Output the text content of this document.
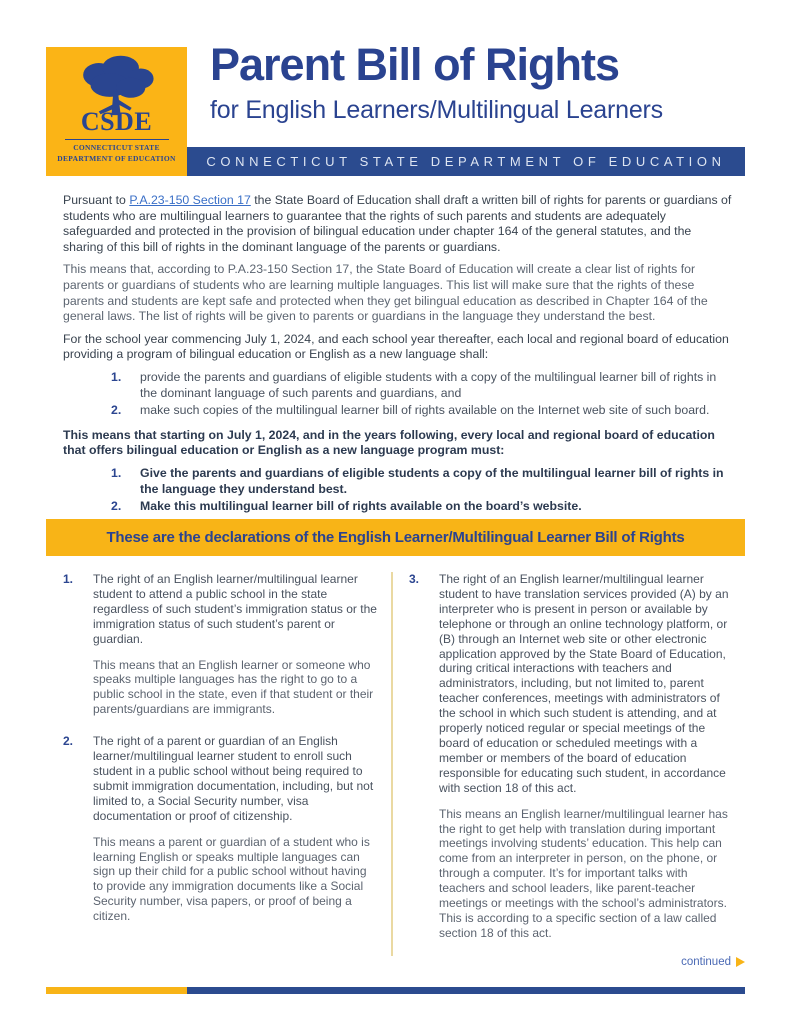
CSDE
CONNECTICUT STATE
DEPARTMENT OF EDUCATION
Parent Bill of Rights
for English Learners/Multilingual Learners
CONNECTICUT STATE DEPARTMENT OF EDUCATION

Pursuant to P.A.23-150 Section 17 the State Board of Education shall draft a written bill of rights for parents or guardians of students who are multilingual learners to guarantee that the rights of such parents and students are adequately safeguarded and protected in the provision of bilingual education under chapter 164 of the general statutes, and the sharing of this bill of rights in the dominant language of the parents or guardians.

This means that, according to P.A.23-150 Section 17, the State Board of Education will create a clear list of rights for parents or guardians of students who are learning multiple languages. This list will make sure that the rights of these parents and students are kept safe and protected when they get bilingual education as described in Chapter 164 of the general laws. The list of rights will be given to parents or guardians in the language they understand the best.

For the school year commencing July 1, 2024, and each school year thereafter, each local and regional board of education providing a program of bilingual education or English as a new language shall:

1.	provide the parents and guardians of eligible students with a copy of the multilingual learner bill of rights in the dominant language of such parents and guardians, and
2.	make such copies of the multilingual learner bill of rights available on the Internet web site of such board.

This means that starting on July 1, 2024, and in the years following, every local and regional board of education that offers bilingual education or English as a new language program must:

1.	Give the parents and guardians of eligible students a copy of the multilingual learner bill of rights in the language they understand best.
2.	Make this multilingual learner bill of rights available on the board’s website.
These are the declarations of the English Learner/Multilingual Learner Bill of Rights
1.	The right of an English learner/multilingual learner student to attend a public school in the state regardless of such student’s immigration status or the immigration status of such student’s parent or guardian.

This means that an English learner or someone who speaks multiple languages has the right to go to a public school in the state, even if that student or their parents/guardians are immigrants.

2.	The right of a parent or guardian of an English learner/multilingual learner student to enroll such student in a public school without being required to submit immigration documentation, including, but not limited to, a Social Security number, visa documentation or proof of citizenship.

This means a parent or guardian of a student who is learning English or speaks multiple languages can sign up their child for a public school without having to provide any immigration documents like a Social Security number, visa papers, or proof of being a citizen.

3.	The right of an English learner/multilingual learner student to have translation services provided (A) by an interpreter who is present in person or available by telephone or through an online technology platform, or (B) through an Internet web site or other electronic application approved by the State Board of Education, during critical interactions with teachers and administrators, including, but not limited to, parent teacher conferences, meetings with administrators of the school in which such student is attending, and at properly noticed regular or special meetings of the board of education or scheduled meetings with a member or members of the board of education responsible for educating such student, in accordance with section 18 of this act.

This means an English learner/multilingual learner has the right to get help with translation during important meetings involving students’ education. This help can come from an interpreter in person, on the phone, or through a computer. It’s for important talks with teachers and school leaders, like parent-teacher meetings or meetings with the school’s administrators. This is according to a specific section of a law called section 18 of this act.

continued
